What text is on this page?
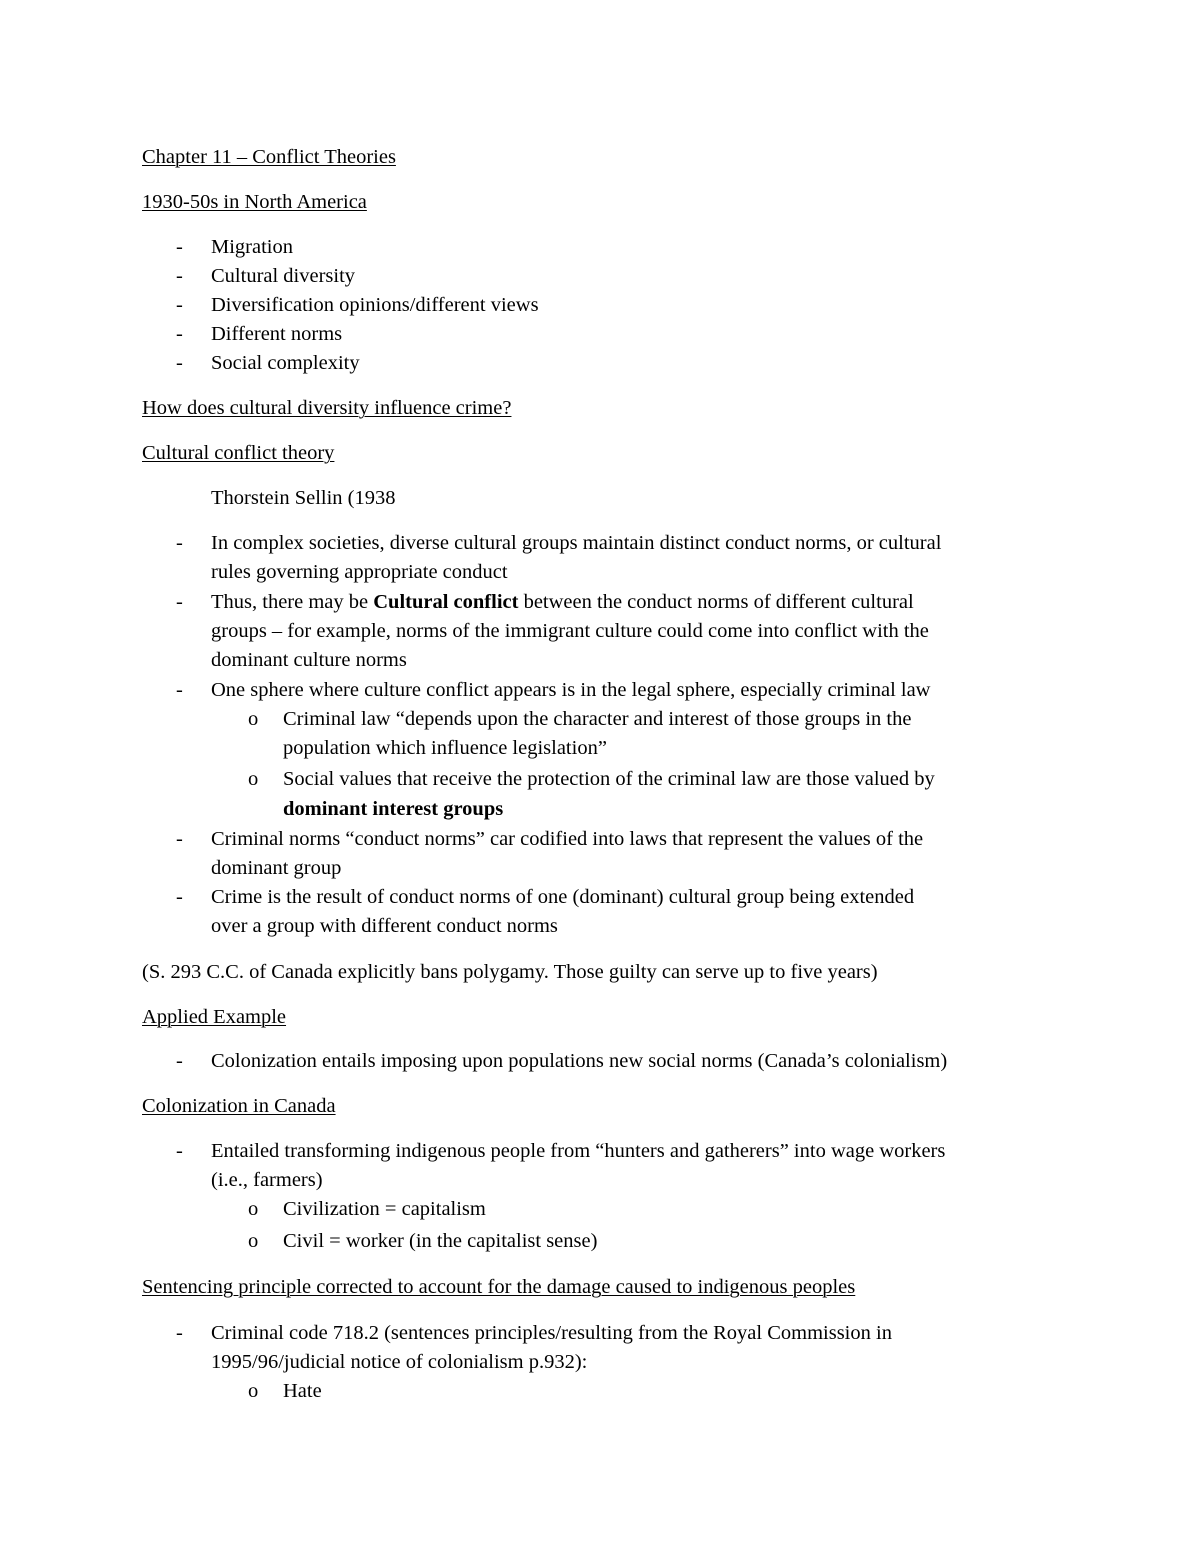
Chapter 11 – Conflict Theories
1930-50s in North America
- Migration
- Cultural diversity
- Diversification opinions/different views
- Different norms
- Social complexity
How does cultural diversity influence crime?
Cultural conflict theory
Thorstein Sellin (1938
- In complex societies, diverse cultural groups maintain distinct conduct norms, or cultural
rules governing appropriate conduct
- Thus, there may be Cultural conflict between the conduct norms of different cultural
groups – for example, norms of the immigrant culture could come into conflict with the
dominant culture norms
- One sphere where culture conflict appears is in the legal sphere, especially criminal law
o Criminal law “depends upon the character and interest of those groups in the
population which influence legislation”
o Social values that receive the protection of the criminal law are those valued by
dominant interest groups
- Criminal norms “conduct norms” car codified into laws that represent the values of the
dominant group
- Crime is the result of conduct norms of one (dominant) cultural group being extended
over a group with different conduct norms
(S. 293 C.C. of Canada explicitly bans polygamy. Those guilty can serve up to five years)
Applied Example
- Colonization entails imposing upon populations new social norms (Canada’s colonialism)
Colonization in Canada
- Entailed transforming indigenous people from “hunters and gatherers” into wage workers
(i.e., farmers)
o Civilization = capitalism
o Civil = worker (in the capitalist sense)
Sentencing principle corrected to account for the damage caused to indigenous peoples
- Criminal code 718.2 (sentences principles/resulting from the Royal Commission in
1995/96/judicial notice of colonialism p.932):
o Hate
